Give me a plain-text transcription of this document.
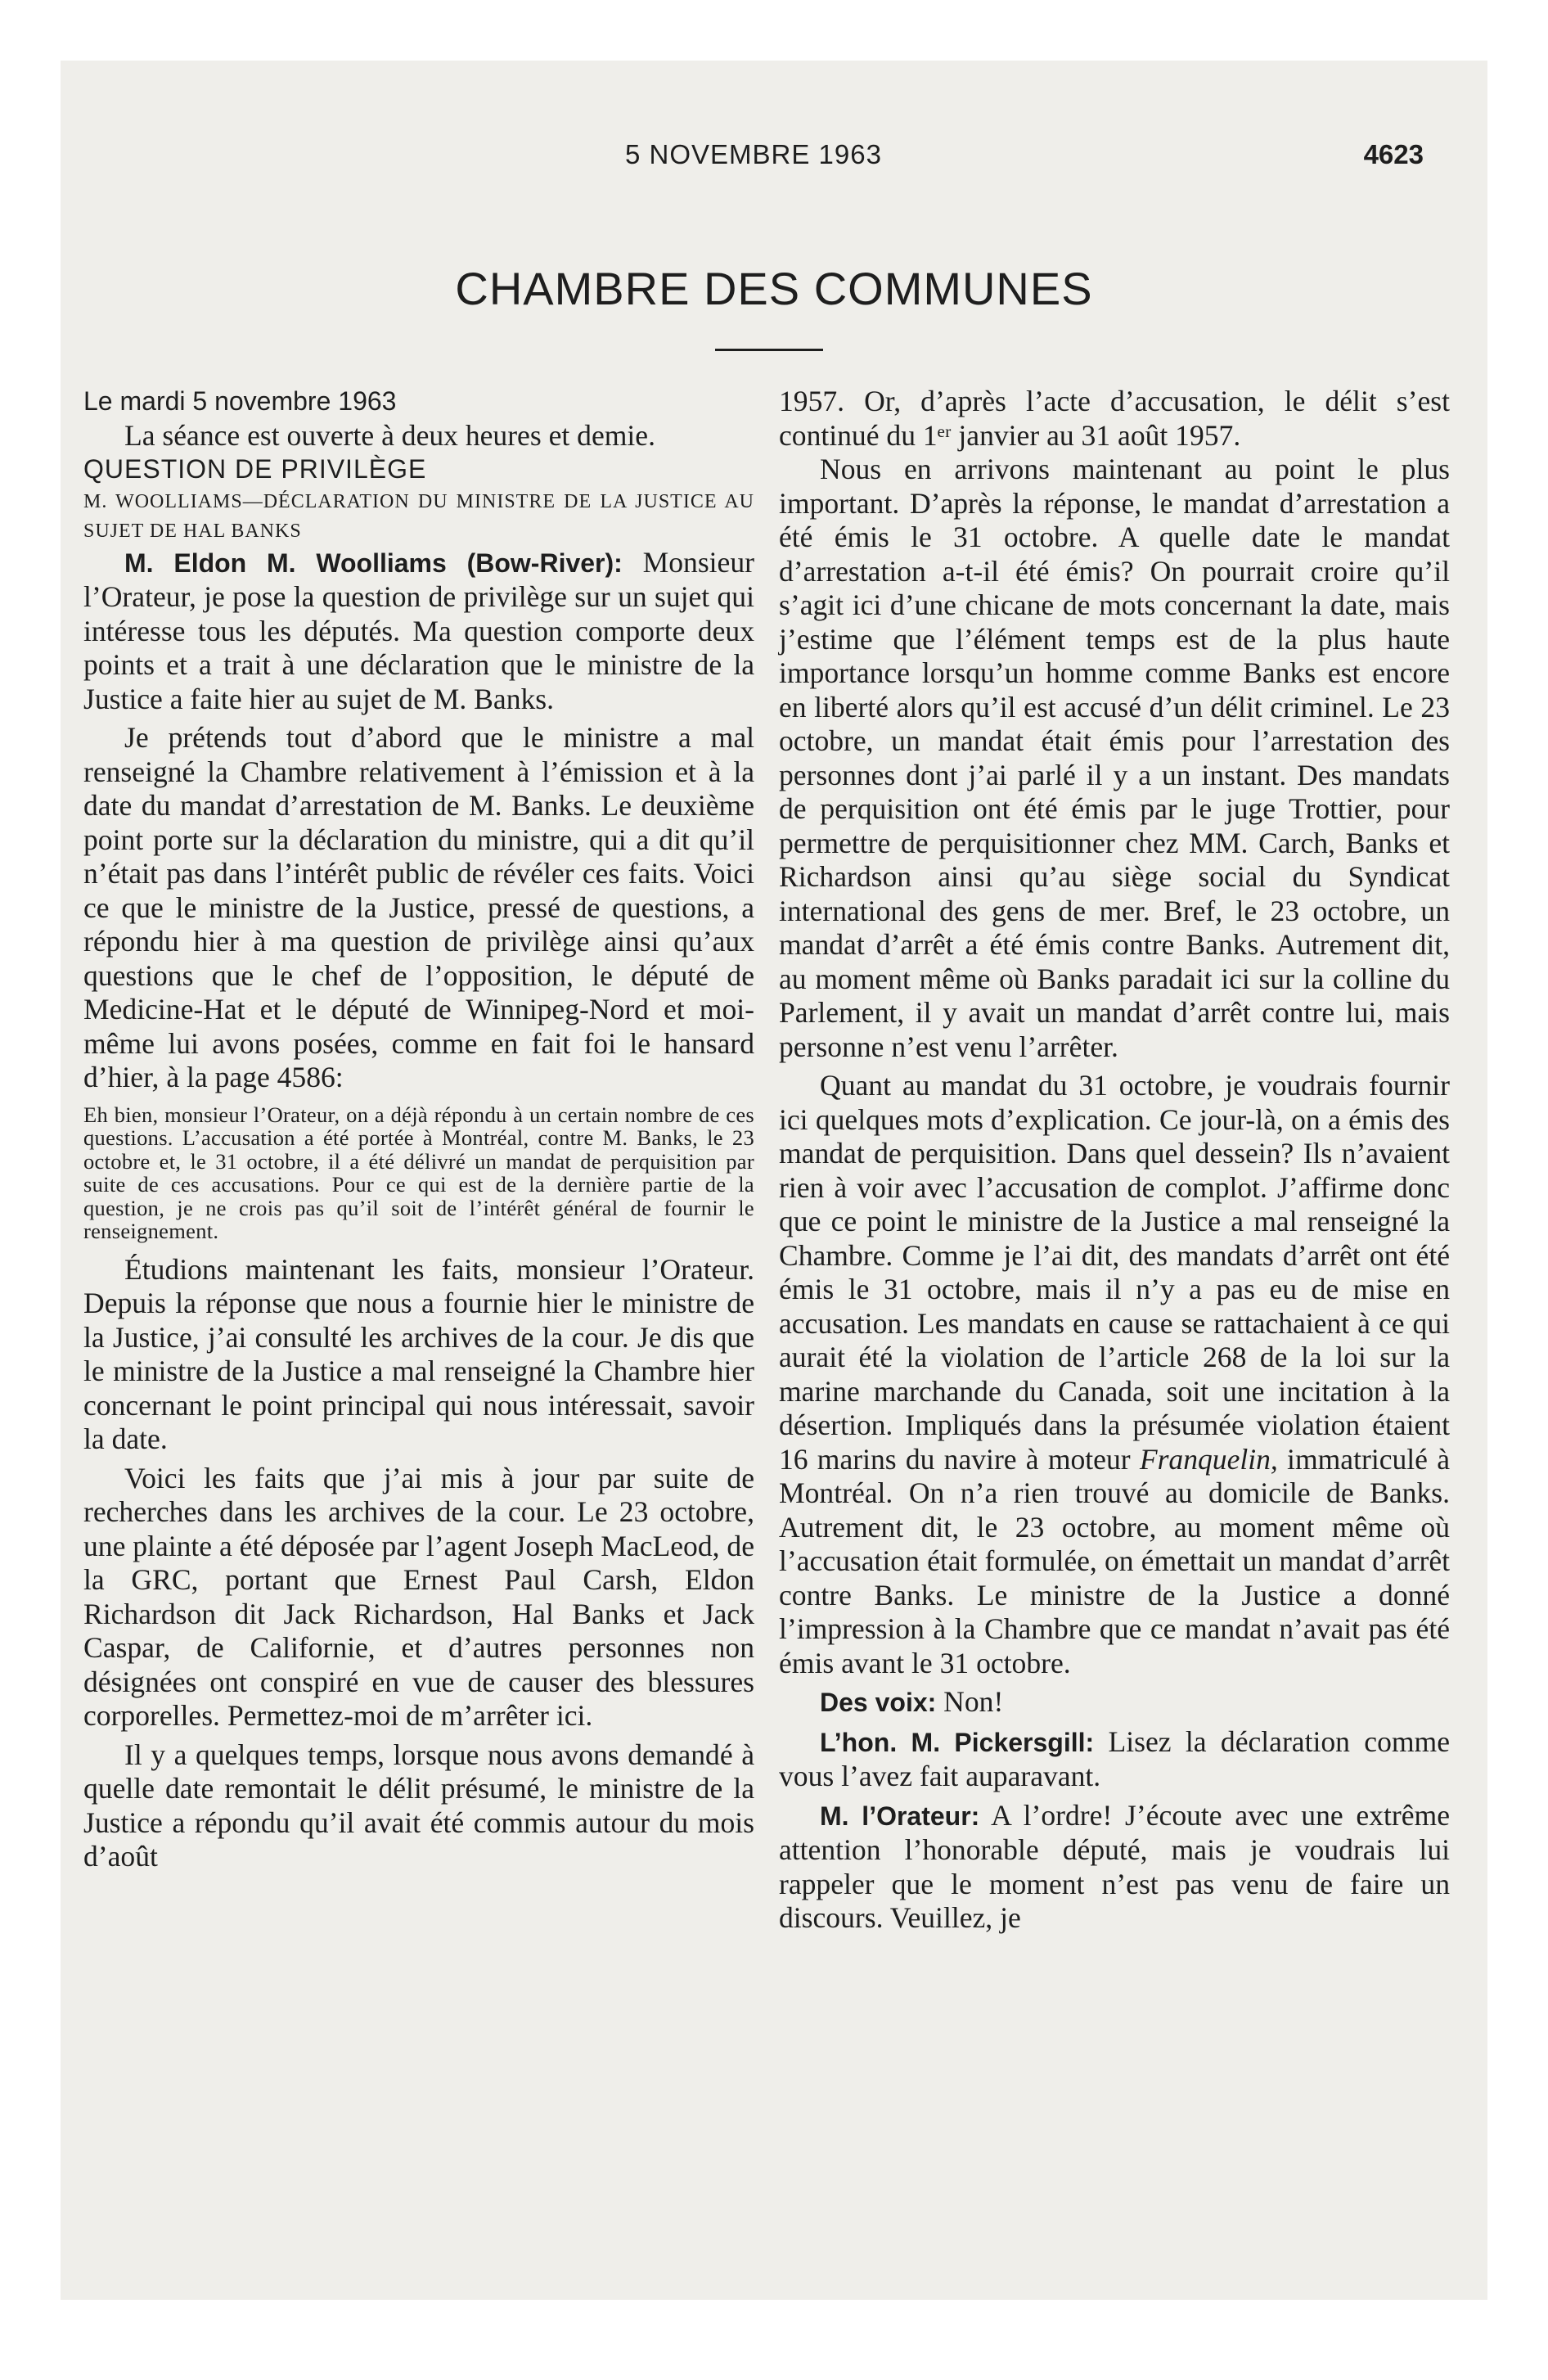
5 NOVEMBRE 1963	4623
CHAMBRE DES COMMUNES

Le mardi 5 novembre 1963

La séance est ouverte à deux heures et demie.

QUESTION DE PRIVILÈGE

M. WOOLLIAMS—DÉCLARATION DU MINISTRE DE LA JUSTICE AU SUJET DE HAL BANKS

M. Eldon M. Woolliams (Bow-River): Monsieur l’Orateur, je pose la question de privilège sur un sujet qui intéresse tous les députés. Ma question comporte deux points et a trait à une déclaration que le ministre de la Justice a faite hier au sujet de M. Banks.

Je prétends tout d’abord que le ministre a mal renseigné la Chambre relativement à l’émission et à la date du mandat d’arrestation de M. Banks. Le deuxième point porte sur la déclaration du ministre, qui a dit qu’il n’était pas dans l’intérêt public de révéler ces faits. Voici ce que le ministre de la Justice, pressé de questions, a répondu hier à ma question de privilège ainsi qu’aux questions que le chef de l’opposition, le député de Medicine-Hat et le député de Winnipeg-Nord et moi-même lui avons posées, comme en fait foi le hansard d’hier, à la page 4586:

Eh bien, monsieur l’Orateur, on a déjà répondu à un certain nombre de ces questions. L’accusation a été portée à Montréal, contre M. Banks, le 23 octobre et, le 31 octobre, il a été délivré un mandat de perquisition par suite de ces accusations. Pour ce qui est de la dernière partie de la question, je ne crois pas qu’il soit de l’intérêt général de fournir le renseignement.

Étudions maintenant les faits, monsieur l’Orateur. Depuis la réponse que nous a fournie hier le ministre de la Justice, j’ai consulté les archives de la cour. Je dis que le ministre de la Justice a mal renseigné la Chambre hier concernant le point principal qui nous intéressait, savoir la date.

Voici les faits que j’ai mis à jour par suite de recherches dans les archives de la cour. Le 23 octobre, une plainte a été déposée par l’agent Joseph MacLeod, de la GRC, portant que Ernest Paul Carsh, Eldon Richardson dit Jack Richardson, Hal Banks et Jack Caspar, de Californie, et d’autres personnes non désignées ont conspiré en vue de causer des blessures corporelles. Permettez-moi de m’arrêter ici.

Il y a quelques temps, lorsque nous avons demandé à quelle date remontait le délit présumé, le ministre de la Justice a répondu qu’il avait été commis autour du mois d’août

1957. Or, d’après l’acte d’accusation, le délit s’est continué du 1ᵉʳ janvier au 31 août 1957.

Nous en arrivons maintenant au point le plus important. D’après la réponse, le mandat d’arrestation a été émis le 31 octobre. A quelle date le mandat d’arrestation a-t-il été émis? On pourrait croire qu’il s’agit ici d’une chicane de mots concernant la date, mais j’estime que l’élément temps est de la plus haute importance lorsqu’un homme comme Banks est encore en liberté alors qu’il est accusé d’un délit criminel. Le 23 octobre, un mandat était émis pour l’arrestation des personnes dont j’ai parlé il y a un instant. Des mandats de perquisition ont été émis par le juge Trottier, pour permettre de perquisitionner chez MM. Carch, Banks et Richardson ainsi qu’au siège social du Syndicat international des gens de mer. Bref, le 23 octobre, un mandat d’arrêt a été émis contre Banks. Autrement dit, au moment même où Banks paradait ici sur la colline du Parlement, il y avait un mandat d’arrêt contre lui, mais personne n’est venu l’arrêter.

Quant au mandat du 31 octobre, je voudrais fournir ici quelques mots d’explication. Ce jour-là, on a émis des mandat de perquisition. Dans quel dessein? Ils n’avaient rien à voir avec l’accusation de complot. J’affirme donc que ce point le ministre de la Justice a mal renseigné la Chambre. Comme je l’ai dit, des mandats d’arrêt ont été émis le 31 octobre, mais il n’y a pas eu de mise en accusation. Les mandats en cause se rattachaient à ce qui aurait été la violation de l’article 268 de la loi sur la marine marchande du Canada, soit une incitation à la désertion. Impliqués dans la présumée violation étaient 16 marins du navire à moteur Franquelin, immatriculé à Montréal. On n’a rien trouvé au domicile de Banks. Autrement dit, le 23 octobre, au moment même où l’accusation était formulée, on émettait un mandat d’arrêt contre Banks. Le ministre de la Justice a donné l’impression à la Chambre que ce mandat n’avait pas été émis avant le 31 octobre.

Des voix: Non!

L’hon. M. Pickersgill: Lisez la déclaration comme vous l’avez fait auparavant.

M. l’Orateur: A l’ordre! J’écoute avec une extrême attention l’honorable député, mais je voudrais lui rappeler que le moment n’est pas venu de faire un discours. Veuillez, je
